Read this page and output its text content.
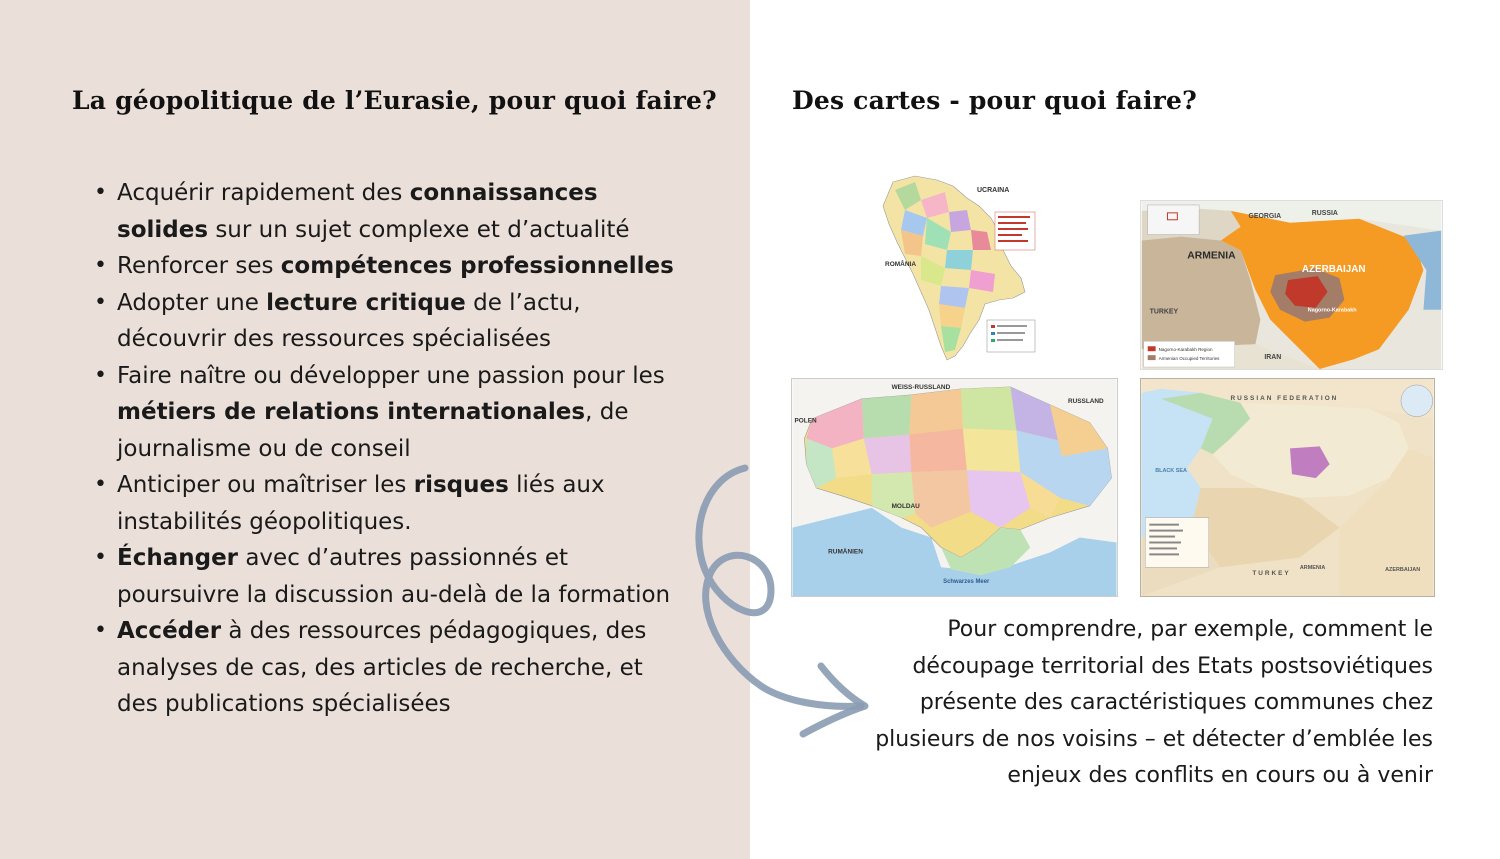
La géopolitique de l’Eurasie, pour quoi faire?
• Acquérir rapidement des connaissances solides sur un sujet complexe et d’actualité
• Renforcer ses compétences professionnelles
• Adopter une lecture critique de l’actu, découvrir des ressources spécialisées
• Faire naître ou développer une passion pour les métiers de relations internationales, de journalisme ou de conseil
• Anticiper ou maîtriser les risques liés aux instabilités géopolitiques.
• Échanger avec d’autres passionnés et poursuivre la discussion au-delà de la formation
• Accéder à des ressources pédagogiques, des analyses de cas, des articles de recherche, et des publications spécialisées
Des cartes - pour quoi faire?
UCRAINA
ROMÂNIA
GEORGIA	RUSSIA
ARMENIA
AZERBAIJAN
TURKEY
IRAN
Nagorno-Karabakh
Nagorno-Karabakh Region
Armenian Occupied Territories
WEISS-RUSSLAND
RUSSLAND
POLEN
MOLDAU
RUMÄNIEN
Schwarzes Meer
RUSSIAN FEDERATION
TURKEY
ARMENIA	AZERBAIJAN
BLACK SEA

Pour comprendre, par exemple, comment le découpage territorial des Etats postsoviétiques présente des caractéristiques communes chez plusieurs de nos voisins – et détecter d’emblée les enjeux des conflits en cours ou à venir
